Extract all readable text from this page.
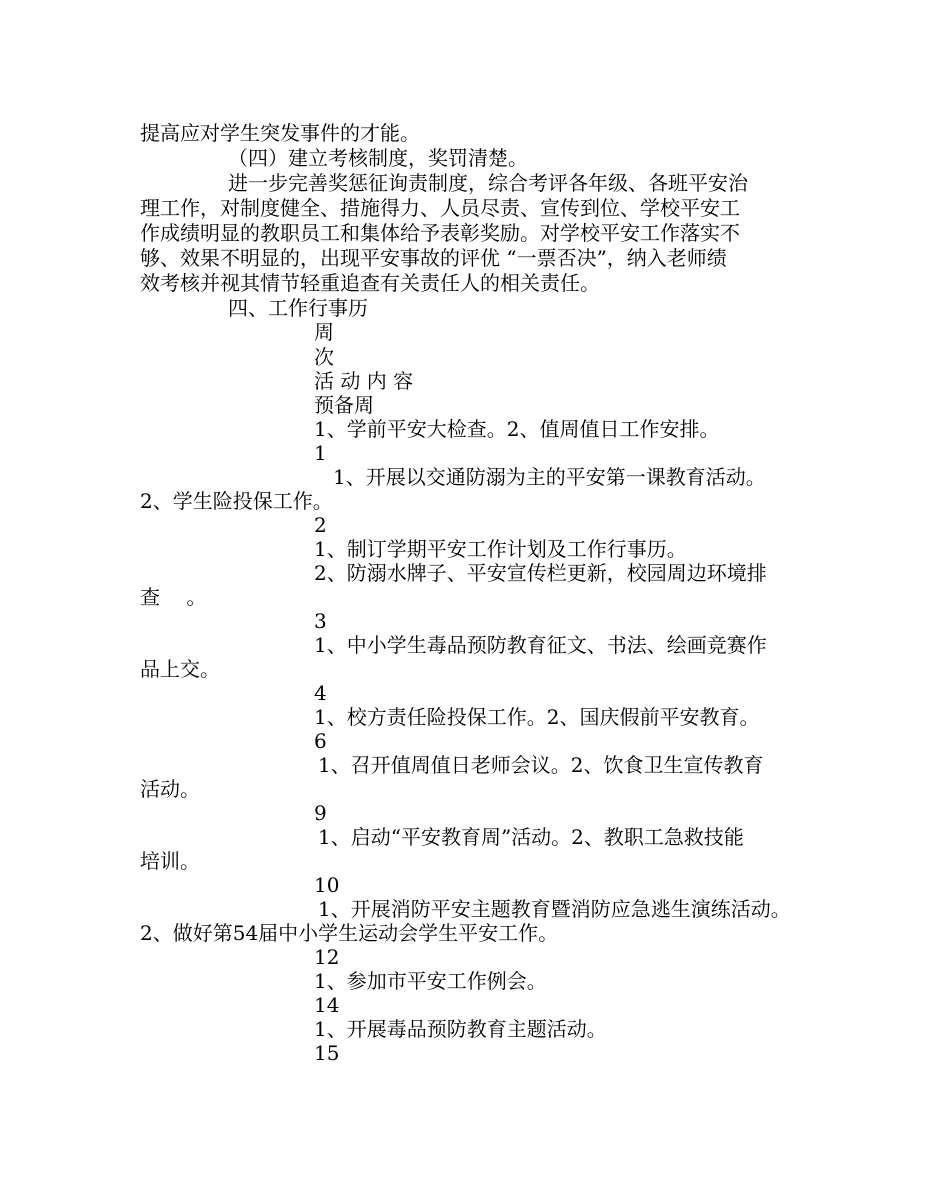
提高应对学生突发事件的才能。
（四）建立考核制度，奖罚清楚。
进一步完善奖惩征询责制度，综合考评各年级、各班平安治
理工作，对制度健全、措施得力、人员尽责、宣传到位、学校平安工
作成绩明显的教职员工和集体给予表彰奖励。对学校平安工作落实不
够、效果不明显的，出现平安事故的评优 “一票否决”，纳入老师绩
效考核并视其情节轻重追查有关责任人的相关责任。
四、工作行事历
周
次
活 动 内 容
预备周
1、学前平安大检查。2、值周值日工作安排。
1
1、开展以交通防溺为主的平安第一课教育活动。
2、学生险投保工作。
2
1、制订学期平安工作计划及工作行事历。
2、防溺水牌子、平安宣传栏更新，校园周边环境排
查　 。
3
1、中小学生毒品预防教育征文、书法、绘画竞赛作
品上交。
4
1、校方责任险投保工作。2、国庆假前平安教育。
6
1、召开值周值日老师会议。2、饮食卫生宣传教育
活动。
9
1、启动“平安教育周”活动。2、教职工急救技能
培训。
10
1、开展消防平安主题教育暨消防应急逃生演练活动。
2、做好第54届中小学生运动会学生平安工作。
12
1、参加市平安工作例会。
14
1、开展毒品预防教育主题活动。
15
